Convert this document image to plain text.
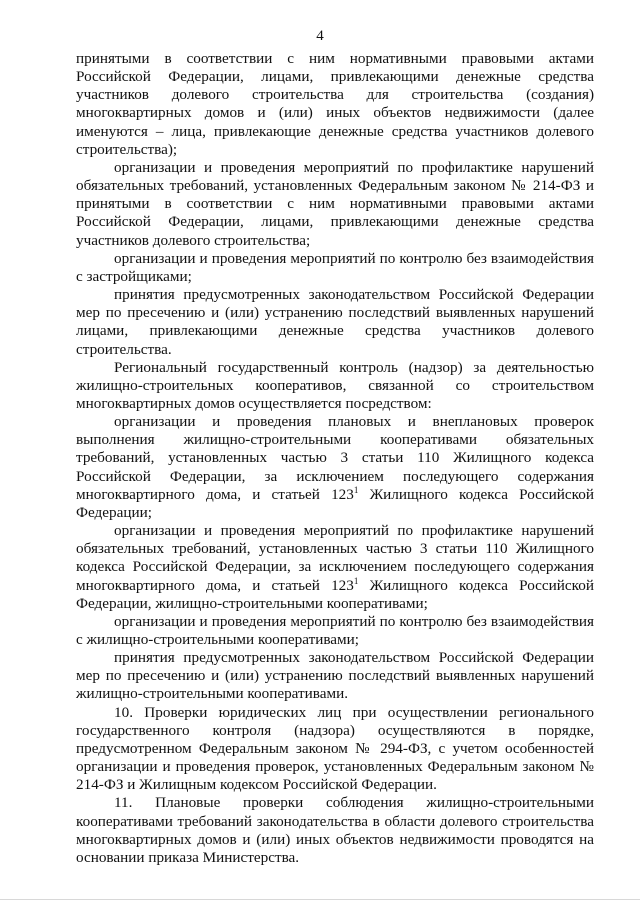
4

принятыми в соответствии с ним нормативными правовыми актами Российской Федерации, лицами, привлекающими денежные средства участников долевого строительства для строительства (создания) многоквартирных домов и (или) иных объектов недвижимости (далее именуются – лица, привлекающие денежные средства участников долевого строительства);

организации и проведения мероприятий по профилактике нарушений обязательных требований, установленных Федеральным законом № 214-ФЗ и принятыми в соответствии с ним нормативными правовыми актами Российской Федерации, лицами, привлекающими денежные средства участников долевого строительства;

организации и проведения мероприятий по контролю без взаимодействия с застройщиками;

принятия предусмотренных законодательством Российской Федерации мер по пресечению и (или) устранению последствий выявленных нарушений лицами, привлекающими денежные средства участников долевого строительства.

Региональный государственный контроль (надзор) за деятельностью жилищно-строительных кооперативов, связанной со строительством многоквартирных домов осуществляется посредством:

организации и проведения плановых и внеплановых проверок выполнения жилищно-строительными кооперативами обязательных требований, установленных частью 3 статьи 110 Жилищного кодекса Российской Федерации, за исключением последующего содержания многоквартирного дома, и статьей $123^1$ Жилищного кодекса Российской Федерации;

организации и проведения мероприятий по профилактике нарушений обязательных требований, установленных частью 3 статьи 110 Жилищного кодекса Российской Федерации, за исключением последующего содержания многоквартирного дома, и статьей $123^1$ Жилищного кодекса Российской Федерации, жилищно-строительными кооперативами;

организации и проведения мероприятий по контролю без взаимодействия с жилищно-строительными кооперативами;

принятия предусмотренных законодательством Российской Федерации мер по пресечению и (или) устранению последствий выявленных нарушений жилищно-строительными кооперативами.

10. Проверки юридических лиц при осуществлении регионального государственного контроля (надзора) осуществляются в порядке, предусмотренном Федеральным законом № 294-ФЗ, с учетом особенностей организации и проведения проверок, установленных Федеральным законом № 214-ФЗ и Жилищным кодексом Российской Федерации.

11. Плановые проверки соблюдения жилищно-строительными кооперативами требований законодательства в области долевого строительства многоквартирных домов и (или) иных объектов недвижимости проводятся на основании приказа Министерства.
